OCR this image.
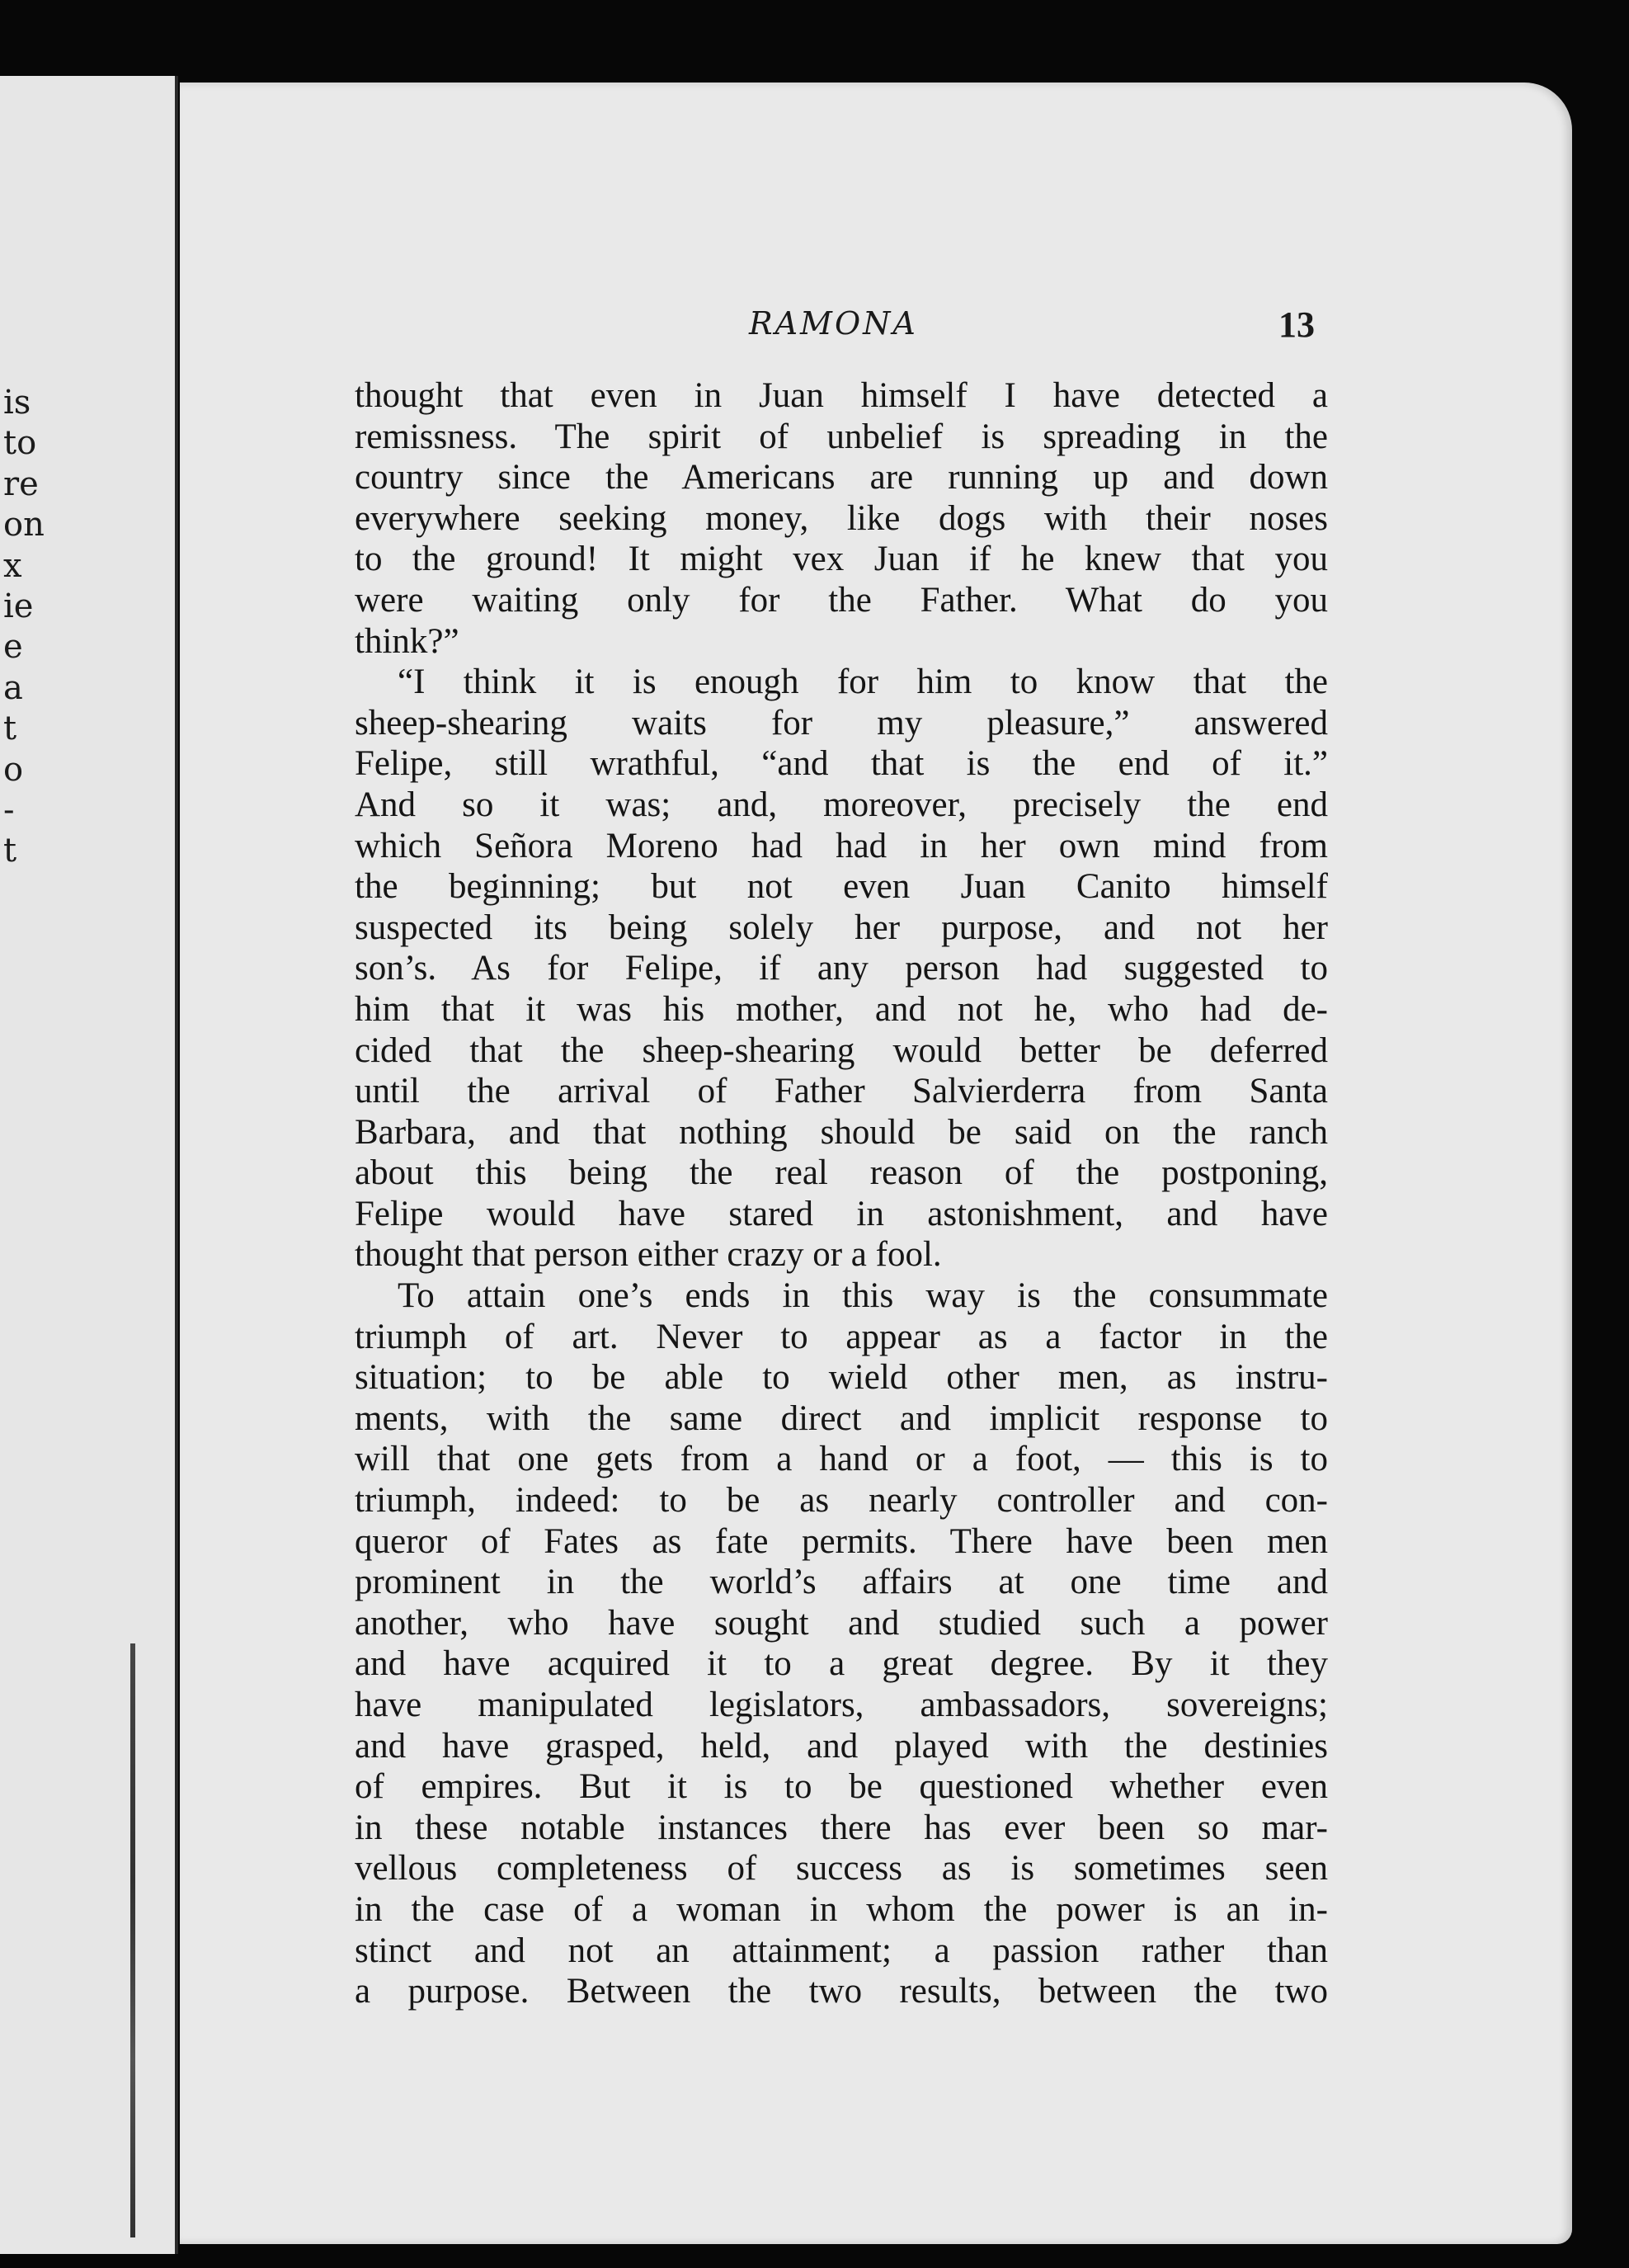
is
to
re
on
x
ie
e
a
t
o
-
t
RAMONA	13
thought that even in Juan himself I have detected a
remissness. The spirit of unbelief is spreading in the
country since the Americans are running up and down
everywhere seeking money, like dogs with their noses
to the ground! It might vex Juan if he knew that you
were waiting only for the Father. What do you
think?”
“I think it is enough for him to know that the
sheep-shearing waits for my pleasure,” answered
Felipe, still wrathful, “and that is the end of it.”
And so it was; and, moreover, precisely the end
which Señora Moreno had had in her own mind from
the beginning; but not even Juan Canito himself
suspected its being solely her purpose, and not her
son’s. As for Felipe, if any person had suggested to
him that it was his mother, and not he, who had de-
cided that the sheep-shearing would better be deferred
until the arrival of Father Salvierderra from Santa
Barbara, and that nothing should be said on the ranch
about this being the real reason of the postponing,
Felipe would have stared in astonishment, and have
thought that person either crazy or a fool.
To attain one’s ends in this way is the consummate
triumph of art. Never to appear as a factor in the
situation; to be able to wield other men, as instru-
ments, with the same direct and implicit response to
will that one gets from a hand or a foot, — this is to
triumph, indeed: to be as nearly controller and con-
queror of Fates as fate permits. There have been men
prominent in the world’s affairs at one time and
another, who have sought and studied such a power
and have acquired it to a great degree. By it they
have manipulated legislators, ambassadors, sovereigns;
and have grasped, held, and played with the destinies
of empires. But it is to be questioned whether even
in these notable instances there has ever been so mar-
vellous completeness of success as is sometimes seen
in the case of a woman in whom the power is an in-
stinct and not an attainment; a passion rather than
a purpose. Between the two results, between the two
